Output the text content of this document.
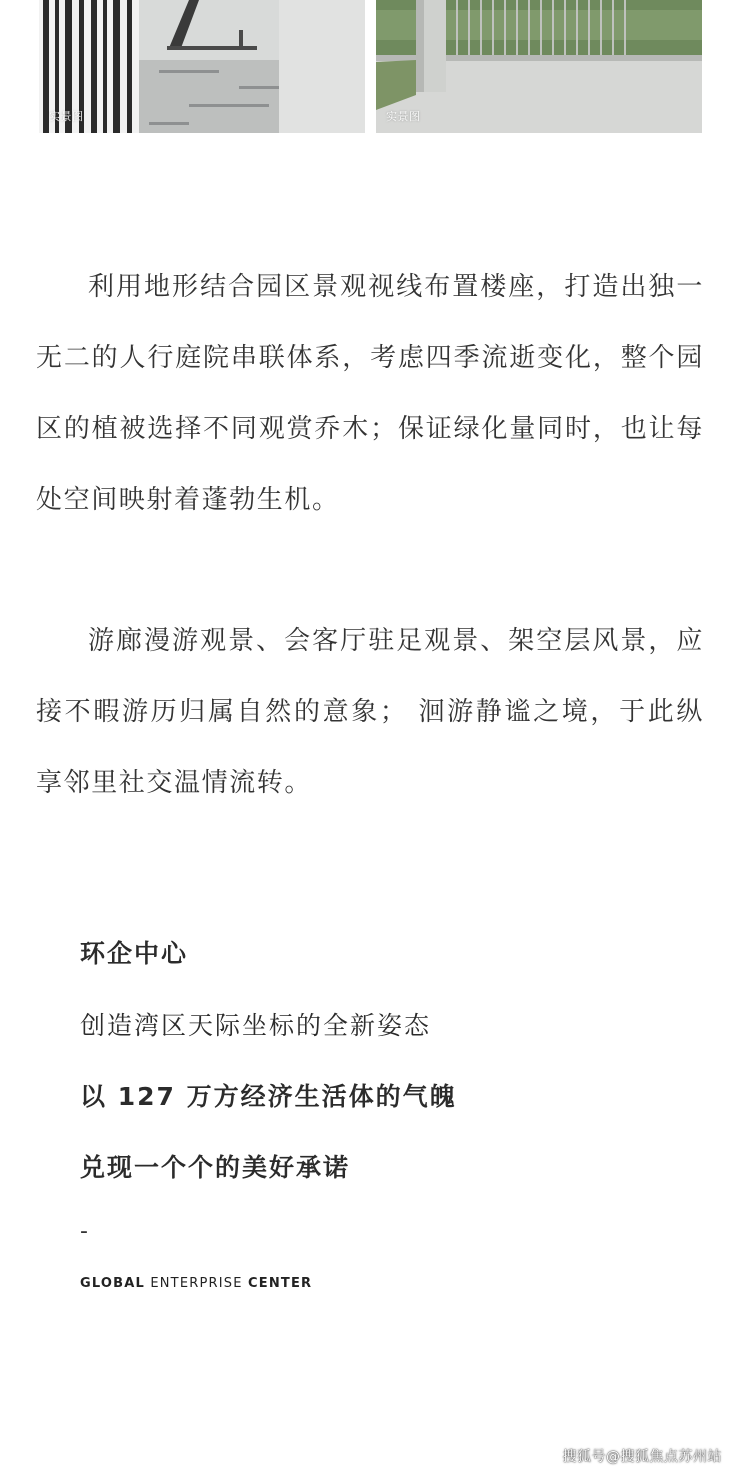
实景图	实景图

利用地形结合园区景观视线布置楼座，打造出独一无二的人行庭院串联体系，考虑四季流逝变化，整个园区的植被选择不同观赏乔木；保证绿化量同时，也让每处空间映射着蓬勃生机。

游廊漫游观景、会客厅驻足观景、架空层风景，应接不暇游历归属自然的意象； 洄游静谧之境，于此纵享邻里社交温情流转。

环企中心

创造湾区天际坐标的全新姿态

以 127 万方经济生活体的气魄

兑现一个个的美好承诺

-
GLOBAL ENTERPRISE CENTER
搜狐号@搜狐焦点苏州站
